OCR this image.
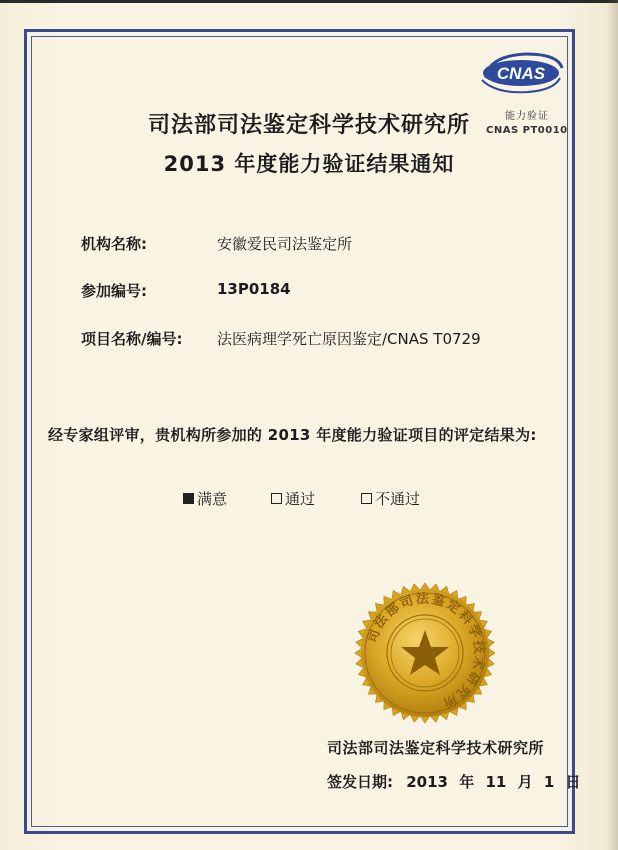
CNAS
能力验证
CNAS PT0010
司法部司法鉴定科学技术研究所
2013 年度能力验证结果通知
机构名称:	安徽爱民司法鉴定所
参加编号:	13P0184
项目名称/编号: 法医病理学死亡原因鉴定/CNAS T0729
经专家组评审，贵机构所参加的 2013 年度能力验证项目的评定结果为:
满意	通过	不通过
司法部司法鉴定科学技术研究所
司法部司法鉴定科学技术研究所
签发日期: 2013 年 11 月 1 日
